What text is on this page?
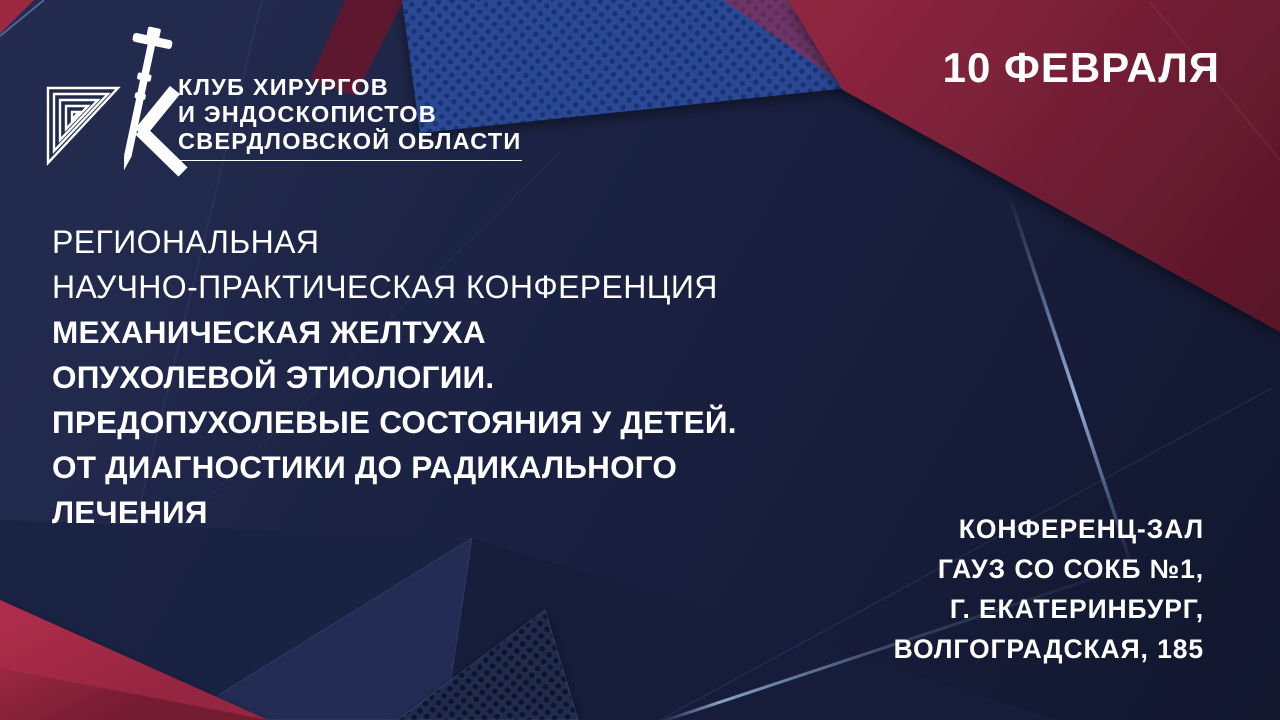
КЛУБ ХИРУРГОВ
И ЭНДОСКОПИСТОВ
СВЕРДЛОВСКОЙ ОБЛАСТИ
10 ФЕВРАЛЯ
РЕГИОНАЛЬНАЯ
НАУЧНО-ПРАКТИЧЕСКАЯ КОНФЕРЕНЦИЯ
МЕХАНИЧЕСКАЯ ЖЕЛТУХА
ОПУХОЛЕВОЙ ЭТИОЛОГИИ.
ПРЕДОПУХОЛЕВЫЕ СОСТОЯНИЯ У ДЕТЕЙ.
ОТ ДИАГНОСТИКИ ДО РАДИКАЛЬНОГО
ЛЕЧЕНИЯ	КОНФЕРЕНЦ-ЗАЛ
ГАУЗ СО СОКБ №1,
Г. ЕКАТЕРИНБУРГ,
ВОЛГОГРАДСКАЯ, 185
